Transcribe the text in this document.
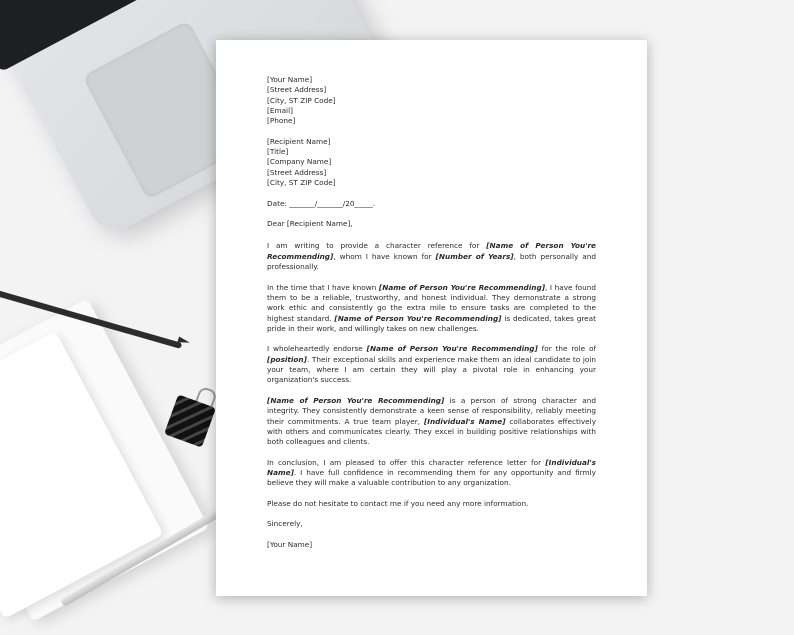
[Your Name]

[Street Address]

[City, ST ZIP Code]

[Email]

[Phone]

[Recipient Name]

[Title]

[Company Name]

[Street Address]

[City, ST ZIP Code]

Date: _______/_______/20_____.

Dear [Recipient Name],

I am writing to provide a character reference for [Name of Person You're Recommending], whom I have known for [Number of Years], both personally and professionally.

In the time that I have known [Name of Person You're Recommending], I have found them to be a reliable, trustworthy, and honest individual. They demonstrate a strong work ethic and consistently go the extra mile to ensure tasks are completed to the highest standard. [Name of Person You're Recommending] is dedicated, takes great pride in their work, and willingly takes on new challenges.

I wholeheartedly endorse [Name of Person You're Recommending] for the role of [position]. Their exceptional skills and experience make them an ideal candidate to join your team, where I am certain they will play a pivotal role in enhancing your organization's success.

[Name of Person You're Recommending] is a person of strong character and integrity. They consistently demonstrate a keen sense of responsibility, reliably meeting their commitments. A true team player, [Individual's Name] collaborates effectively with others and communicates clearly. They excel in building positive relationships with both colleagues and clients.

In conclusion, I am pleased to offer this character reference letter for [Individual's Name]. I have full confidence in recommending them for any opportunity and firmly believe they will make a valuable contribution to any organization.

Please do not hesitate to contact me if you need any more information.

Sincerely,

[Your Name]
